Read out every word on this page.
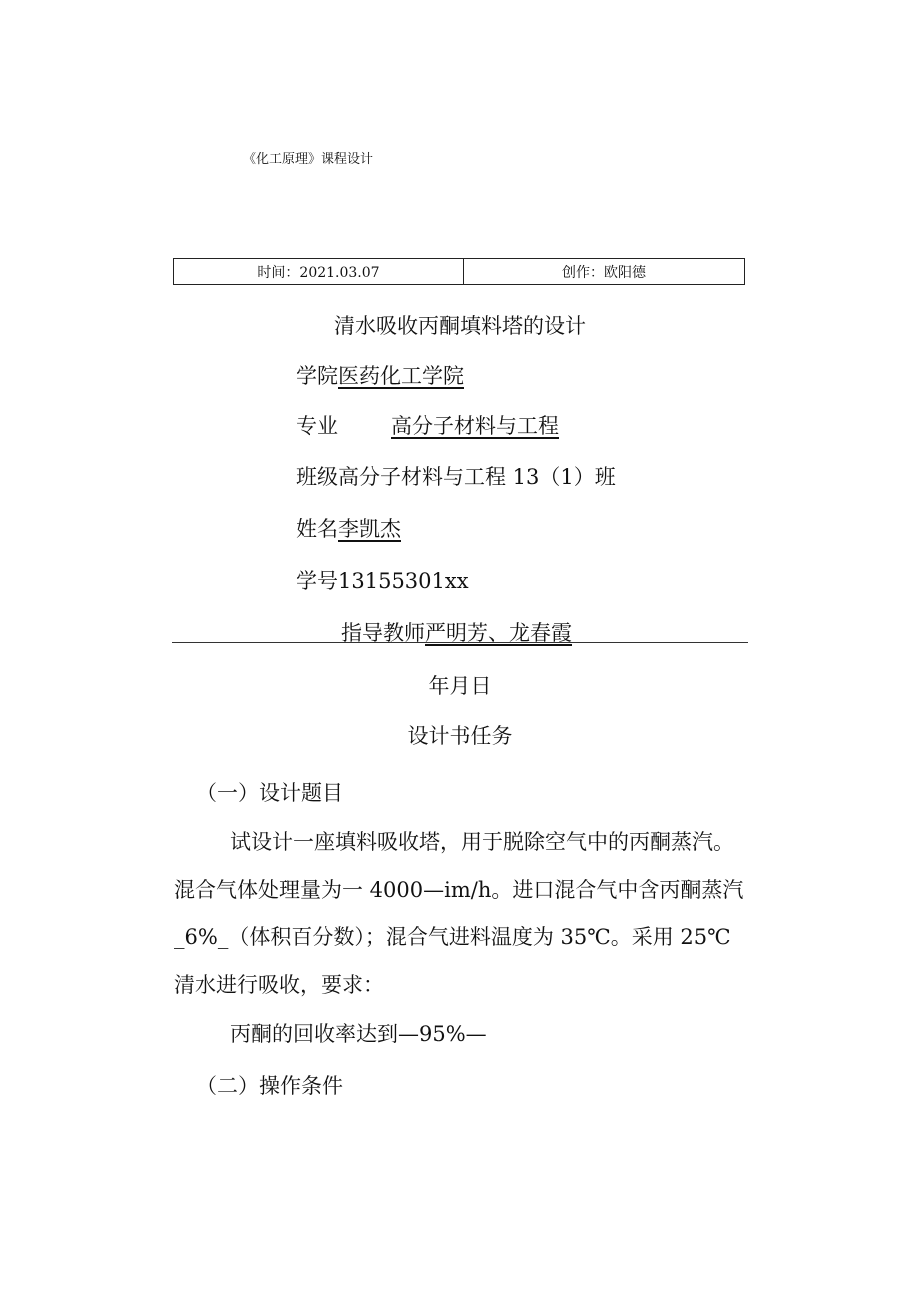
《化工原理》课程设计
时间：2021.03.07	创作：欧阳德
清水吸收丙酮填料塔的设计
学院医药化工学院
专业	高分子材料与工程
班级高分子材料与工程 13（1）班
姓名李凯杰
学号13155301xx
指导教师严明芳、龙春霞
年月日
设计书任务
（一）设计题目
试设计一座填料吸收塔，用于脱除空气中的丙酮蒸汽。
混合气体处理量为一 4000—im/h。进口混合气中含丙酮蒸汽
_6%_（体积百分数）；混合气进料温度为 35℃。采用 25℃
清水进行吸收，要求：
丙酮的回收率达到—95%—
（二）操作条件
